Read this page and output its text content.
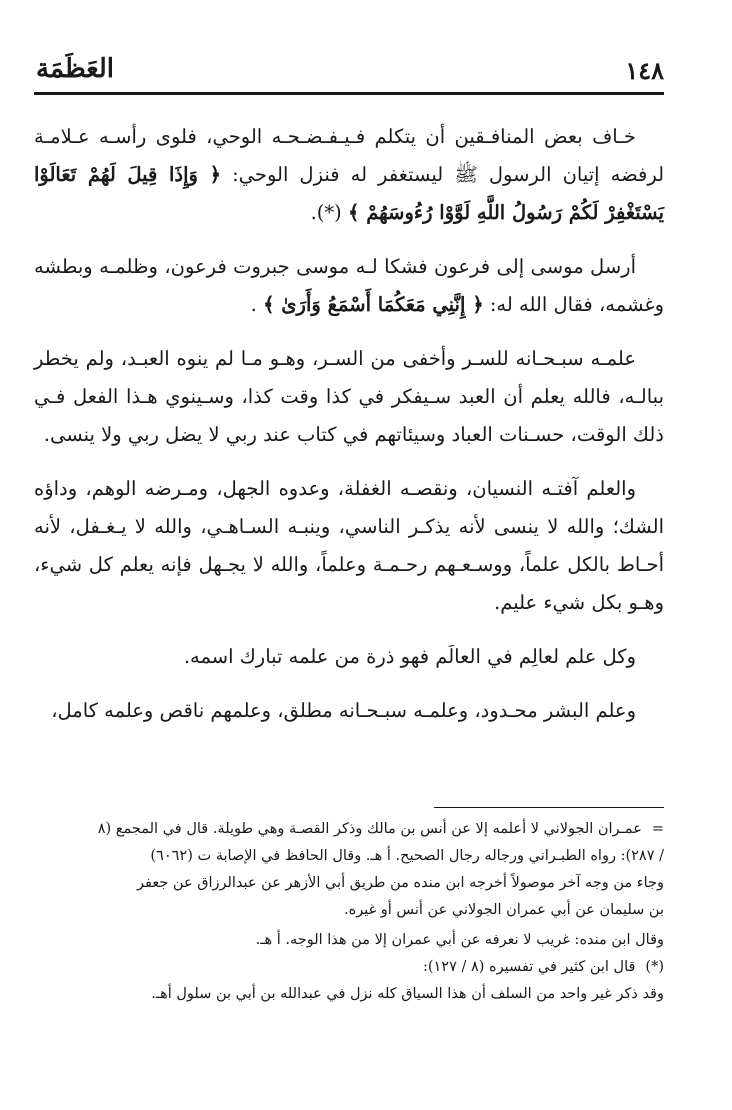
١٤٨
العَظَمَة

خـاف بعض المنافـقين أن يتكلم فـيـفـضـحـه الوحي، فلوى رأسـه عـلامـة لرفضه إتيان الرسول ﷺ ليستغفر له فنزل الوحي: ﴿ وَإِذَا قِيلَ لَهُمْ تَعَالَوْا يَسْتَغْفِرْ لَكُمْ رَسُولُ اللَّهِ لَوَّوْا رُءُوسَهُمْ ﴾ (*).

أرسل موسى إلى فرعون فشكا لـه موسى جبروت فرعون، وظلمـه وبطشه وغشمه، فقال الله له: ﴿ إِنَّنِي مَعَكُمَا أَسْمَعُ وَأَرَىٰ ﴾ .

علمـه سبـحـانه للسـر وأخفى من السـر، وهـو مـا لم ينوه العبـد، ولم يخطر ببالـه، فالله يعلم أن العبد سـيفكر في كذا وقت كذا، وسـينوي هـذا الفعل فـي ذلك الوقت، حسـنات العباد وسيئاتهم في كتاب عند ربي لا يضل ربي ولا ينسى.

والعلم آفتـه النسيان، ونقصـه الغفلة، وعدوه الجهل، ومـرضه الوهم، وداؤه الشك؛ والله لا ينسى لأنه يذكـر الناسي، وينبـه السـاهـي، والله لا يـغـفل، لأنه أحـاط بالكل علماً، ووسـعـهم رحـمـة وعلماً، والله لا يجـهل فإنه يعلم كل شيء، وهـو بكل شيء عليم.

وكل علم لعالِم في العالَم فهو ذرة من علمه تبارك اسمه.

وعلم البشر محـدود، وعلمـه سبـحـانه مطلق، وعلمهم ناقص وعلمه كامل،

=عمـران الجولاني لا أعلمه إلا عن أنس بن مالك وذكر القصـة وهي طويلة. قال في المجمع (٨

/ ٢٨٧): رواه الطبـراني ورجاله رجال الصحيح. أ هـ. وقال الحافظ في الإصابة ت (٦٠٦٢)

وجاء من وجه آخر موصولاً أخرجه ابن منده من طريق أبي الأزهر عن عبدالرزاق عن جعفر

بن سليمان عن أبي عمران الجولاني عن أنس أو غيره.

وقال ابن منده: غريب لا نعرفه عن أبي عمران إلا من هذا الوجه. أ هـ.

(*)قال ابن كثير في تفسيره (٨ / ١٢٧):

وقد ذكر غير واحد من السلف أن هذا السياق كله نزل في عبدالله بن أبي بن سلول أهـ.
